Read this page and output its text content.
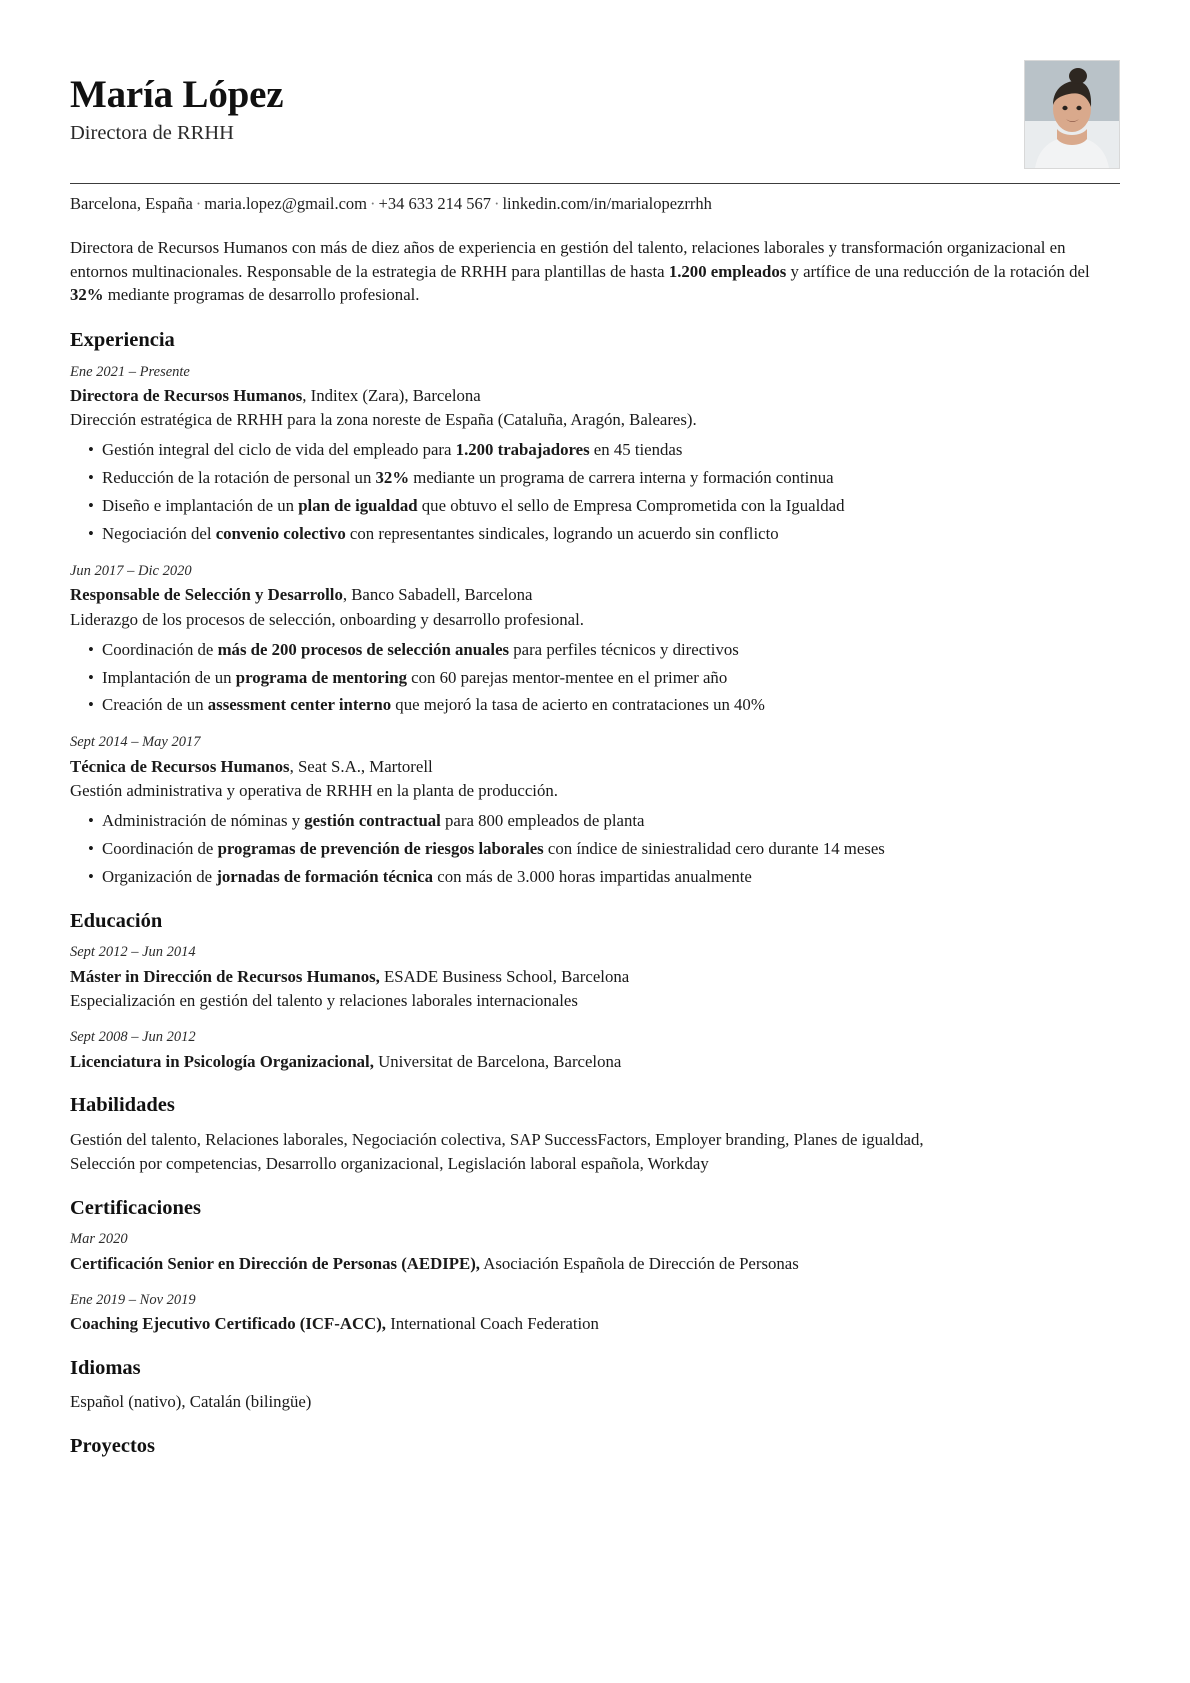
María López
Directora de RRHH
Barcelona, España · maria.lopez@gmail.com · +34 633 214 567 · linkedin.com/in/marialopezrrhh

Directora de Recursos Humanos con más de diez años de experiencia en gestión del talento, relaciones laborales y transformación organizacional en entornos multinacionales. Responsable de la estrategia de RRHH para plantillas de hasta 1.200 empleados y artífice de una reducción de la rotación del 32% mediante programas de desarrollo profesional.

Experiencia
Ene 2021 – Presente
Directora de Recursos Humanos, Inditex (Zara), Barcelona
Dirección estratégica de RRHH para la zona noreste de España (Cataluña, Aragón, Baleares).
• Gestión integral del ciclo de vida del empleado para 1.200 trabajadores en 45 tiendas
• Reducción de la rotación de personal un 32% mediante un programa de carrera interna y formación continua
• Diseño e implantación de un plan de igualdad que obtuvo el sello de Empresa Comprometida con la Igualdad
• Negociación del convenio colectivo con representantes sindicales, logrando un acuerdo sin conflicto
Jun 2017 – Dic 2020
Responsable de Selección y Desarrollo, Banco Sabadell, Barcelona
Liderazgo de los procesos de selección, onboarding y desarrollo profesional.
• Coordinación de más de 200 procesos de selección anuales para perfiles técnicos y directivos
• Implantación de un programa de mentoring con 60 parejas mentor-mentee en el primer año
• Creación de un assessment center interno que mejoró la tasa de acierto en contrataciones un 40%
Sept 2014 – May 2017
Técnica de Recursos Humanos, Seat S.A., Martorell
Gestión administrativa y operativa de RRHH en la planta de producción.
• Administración de nóminas y gestión contractual para 800 empleados de planta
• Coordinación de programas de prevención de riesgos laborales con índice de siniestralidad cero durante 14 meses
• Organización de jornadas de formación técnica con más de 3.000 horas impartidas anualmente
Educación
Sept 2012 – Jun 2014
Máster in Dirección de Recursos Humanos, ESADE Business School, Barcelona
Especialización en gestión del talento y relaciones laborales internacionales
Sept 2008 – Jun 2012
Licenciatura in Psicología Organizacional, Universitat de Barcelona, Barcelona
Habilidades
Gestión del talento, Relaciones laborales, Negociación colectiva, SAP SuccessFactors, Employer branding, Planes de igualdad,
Selección por competencias, Desarrollo organizacional, Legislación laboral española, Workday
Certificaciones
Mar 2020
Certificación Senior en Dirección de Personas (AEDIPE), Asociación Española de Dirección de Personas
Ene 2019 – Nov 2019
Coaching Ejecutivo Certificado (ICF-ACC), International Coach Federation
Idiomas
Español (nativo), Catalán (bilingüe)
Proyectos
